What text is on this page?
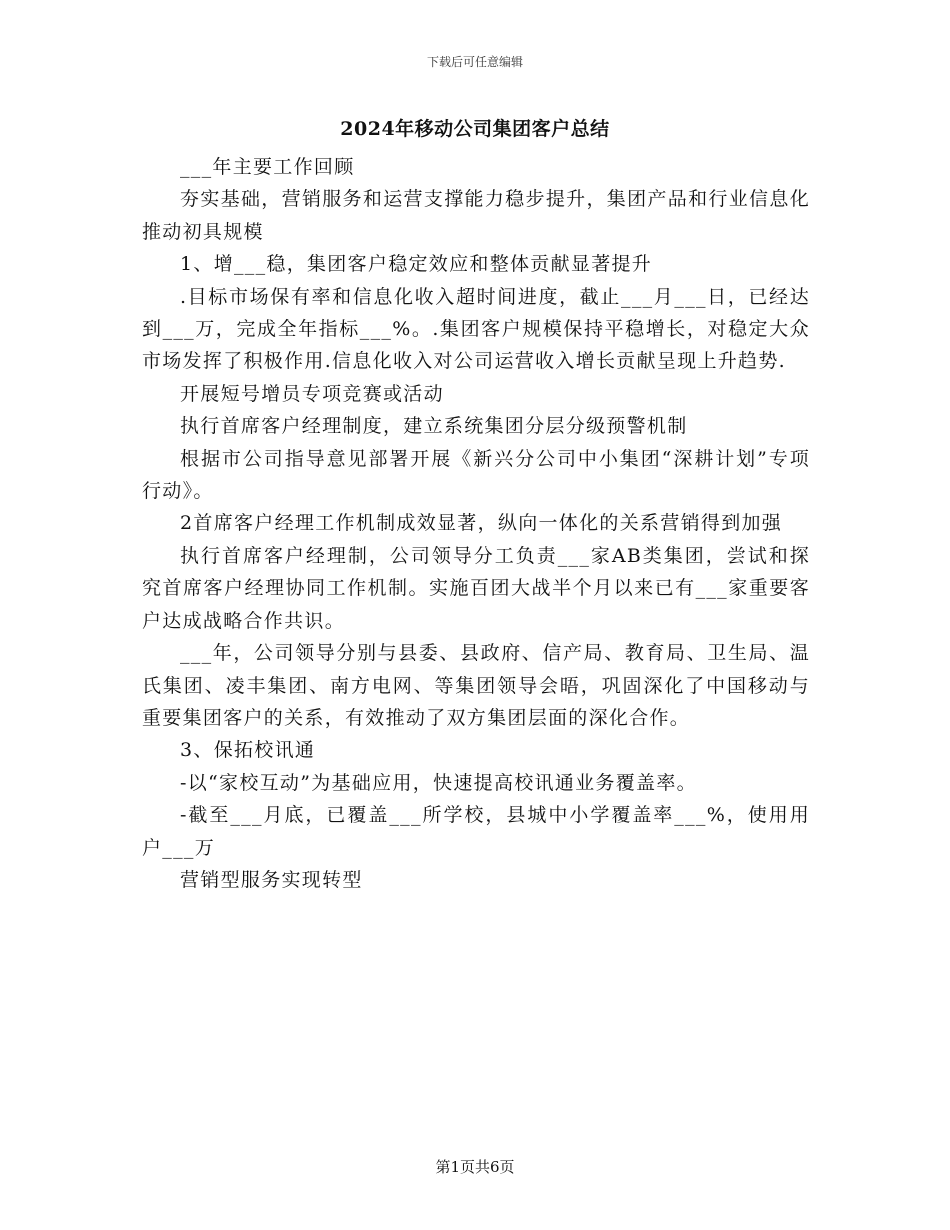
下载后可任意编辑
2024年移动公司集团客户总结

___年主要工作回顾

夯实基础，营销服务和运营支撑能力稳步提升，集团产品和行业信息化推动初具规模

1、增___稳，集团客户稳定效应和整体贡献显著提升

.目标市场保有率和信息化收入超时间进度，截止___月___日，已经达到___万，完成全年指标___%。.集团客户规模保持平稳增长，对稳定大众市场发挥了积极作用.信息化收入对公司运营收入增长贡献呈现上升趋势.

开展短号增员专项竞赛或活动

执行首席客户经理制度，建立系统集团分层分级预警机制

根据市公司指导意见部署开展《新兴分公司中小集团“深耕计划”专项行动》。

2首席客户经理工作机制成效显著，纵向一体化的关系营销得到加强

执行首席客户经理制，公司领导分工负责___家AB类集团，尝试和探究首席客户经理协同工作机制。实施百团大战半个月以来已有___家重要客户达成战略合作共识。

___年，公司领导分别与县委、县政府、信产局、教育局、卫生局、温氏集团、凌丰集团、南方电网、等集团领导会晤，巩固深化了中国移动与重要集团客户的关系，有效推动了双方集团层面的深化合作。

3、保拓校讯通

-以“家校互动”为基础应用，快速提高校讯通业务覆盖率。

-截至___月底，已覆盖___所学校，县城中小学覆盖率___%，使用用户___万

营销型服务实现转型

第1页共6页
